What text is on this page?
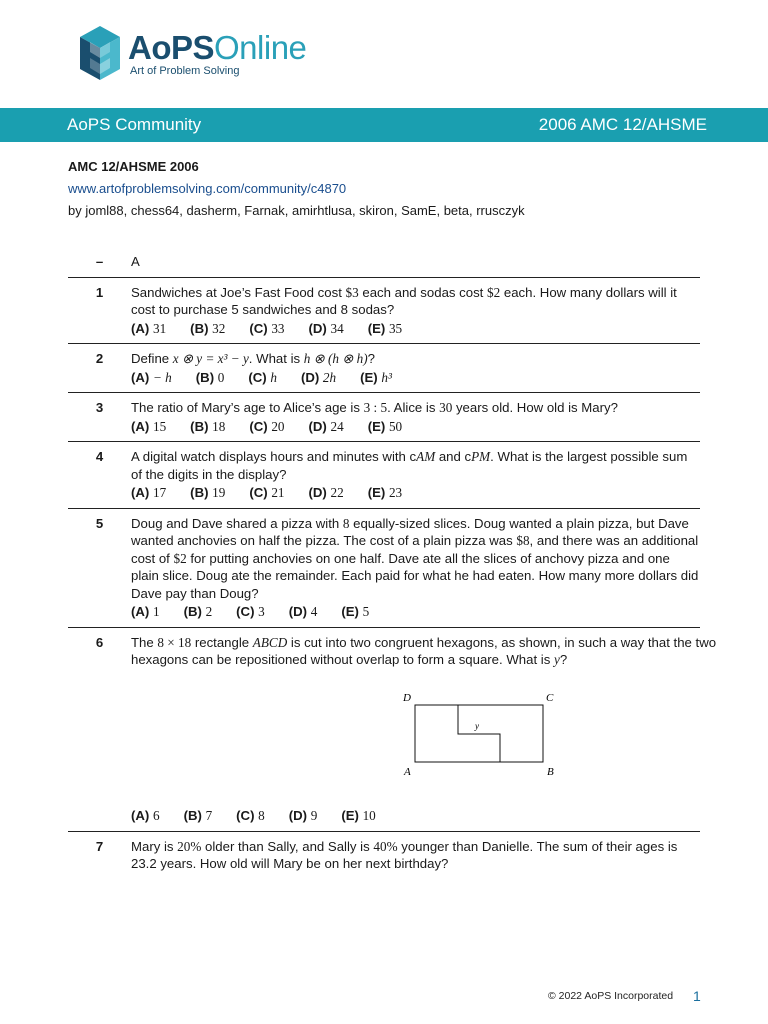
AoPSOnline
Art of Problem Solving
AoPS Community	2006 AMC 12/AHSME
AMC 12/AHSME 2006
www.artofproblemsolving.com/community/c4870
by joml88, chess64, dasherm, Farnak, amirhtlusa, skiron, SamE, beta, rrusczyk
–	A
1	Sandwiches at Joe’s Fast Food cost $3 each and sodas cost $2 each. How many dollars will it cost to purchase 5 sandwiches and 8 sodas?
(A) 31 (B) 32 (C) 33 (D) 34 (E) 35
2	Define x ⊗ y = x³ − y. What is h ⊗ (h ⊗ h)?
(A) − h (B) 0 (C) h (D) 2h (E) h³
3	The ratio of Mary’s age to Alice’s age is 3 : 5. Alice is 30 years old. How old is Mary?
(A) 15 (B) 18 (C) 20 (D) 24 (E) 50
4	A digital watch displays hours and minutes with cAM and cPM. What is the largest possible sum of the digits in the display?
(A) 17 (B) 19 (C) 21 (D) 22 (E) 23
5	Doug and Dave shared a pizza with 8 equally-sized slices. Doug wanted a plain pizza, but Dave wanted anchovies on half the pizza. The cost of a plain pizza was $8, and there was an additional cost of $2 for putting anchovies on one half. Dave ate all the slices of anchovy pizza and one plain slice. Doug ate the remainder. Each paid for what he had eaten. How many more dollars did Dave pay than Doug?
(A) 1 (B) 2 (C) 3 (D) 4 (E) 5
6	The 8 × 18 rectangle ABCD is cut into two congruent hexagons, as shown, in such a way that the two hexagons can be repositioned without overlap to form a square. What is y?
D	C
A	B
y
(A) 6 (B) 7 (C) 8 (D) 9 (E) 10
7	Mary is 20% older than Sally, and Sally is 40% younger than Danielle. The sum of their ages is 23.2 years. How old will Mary be on her next birthday?
© 2022 AoPS Incorporated 1
